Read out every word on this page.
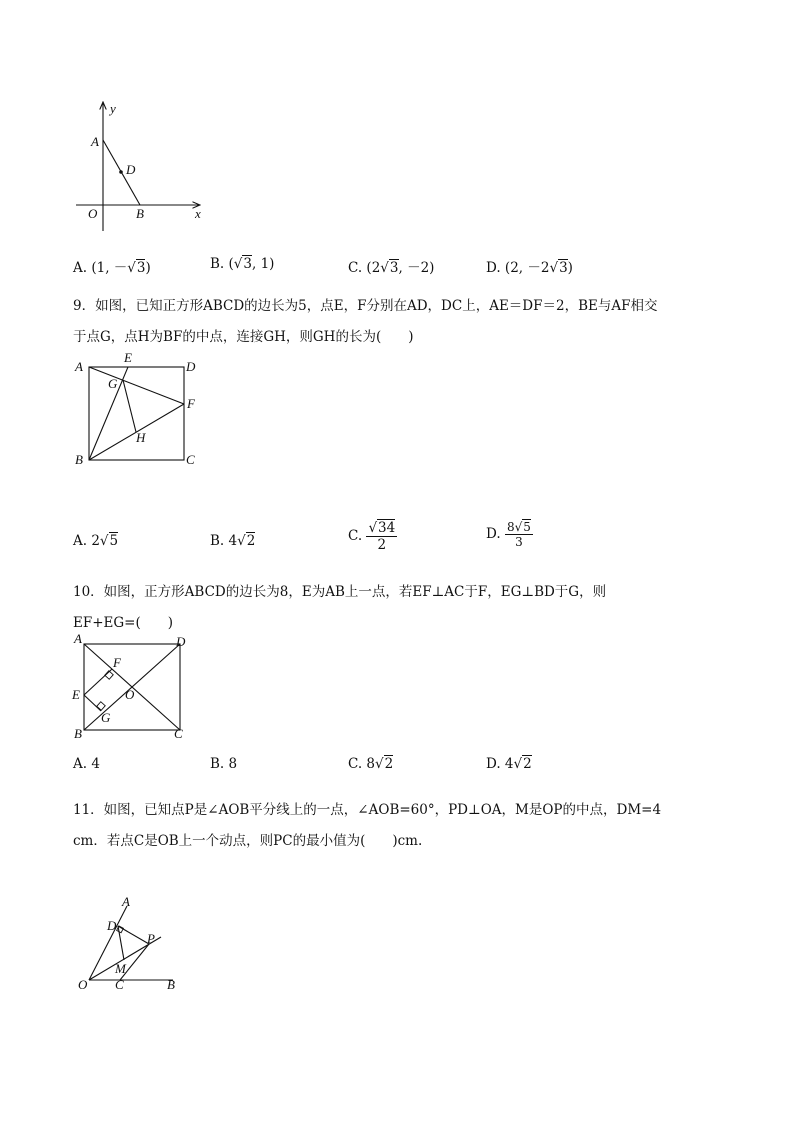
y
x
A
D
O	B
A. (1, －√3)	B. (√3, 1)	C. (2√3, －2)	D. (2, －2√3)
9．如图，已知正方形ABCD的边长为5，点E，F分别在AD，DC上，AE＝DF＝2，BE与AF相交
于点G，点H为BF的中点，连接GH，则GH的长为(　　)
A
E
D
G
F
H
B	C
A. 2√5	B. 4√2	C. $\frac{√34}{2}$	D. $\frac{8√5}{3}$
10．如图，正方形ABCD的边长为8，E为AB上一点，若EF⊥AC于F，EG⊥BD于G，则
EF+EG=(　　)
A	D
F
E	O
G
B	C
A. 4	B. 8	C. 8√2	D. 4√2
11．如图，已知点P是∠AOB平分线上的一点，∠AOB=60°，PD⊥OA，M是OP的中点，DM=4
cm．若点C是OB上一个动点，则PC的最小值为(　　)cm.
A
D
P
M
O C	B
